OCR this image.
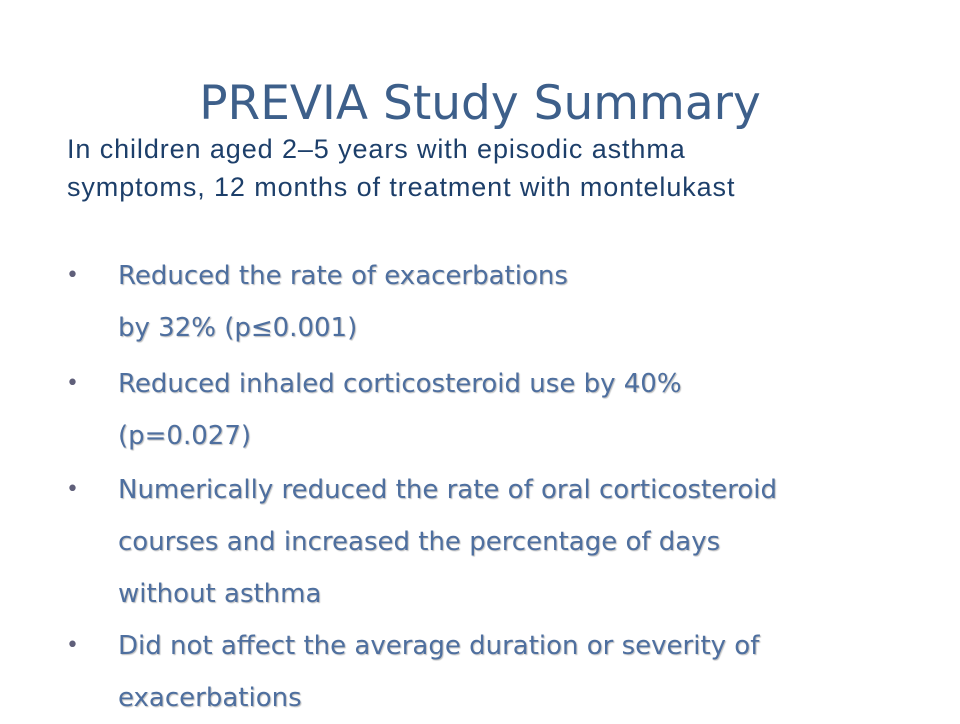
PREVIA Study Summary
In children aged 2–5 years with episodic asthma
symptoms, 12 months of treatment with montelukast
• Reduced the rate of exacerbations
by 32% (p≤0.001)
• Reduced inhaled corticosteroid use by 40%
(p=0.027)
• Numerically reduced the rate of oral corticosteroid
courses and increased the percentage of days
without asthma
• Did not affect the average duration or severity of
exacerbations
